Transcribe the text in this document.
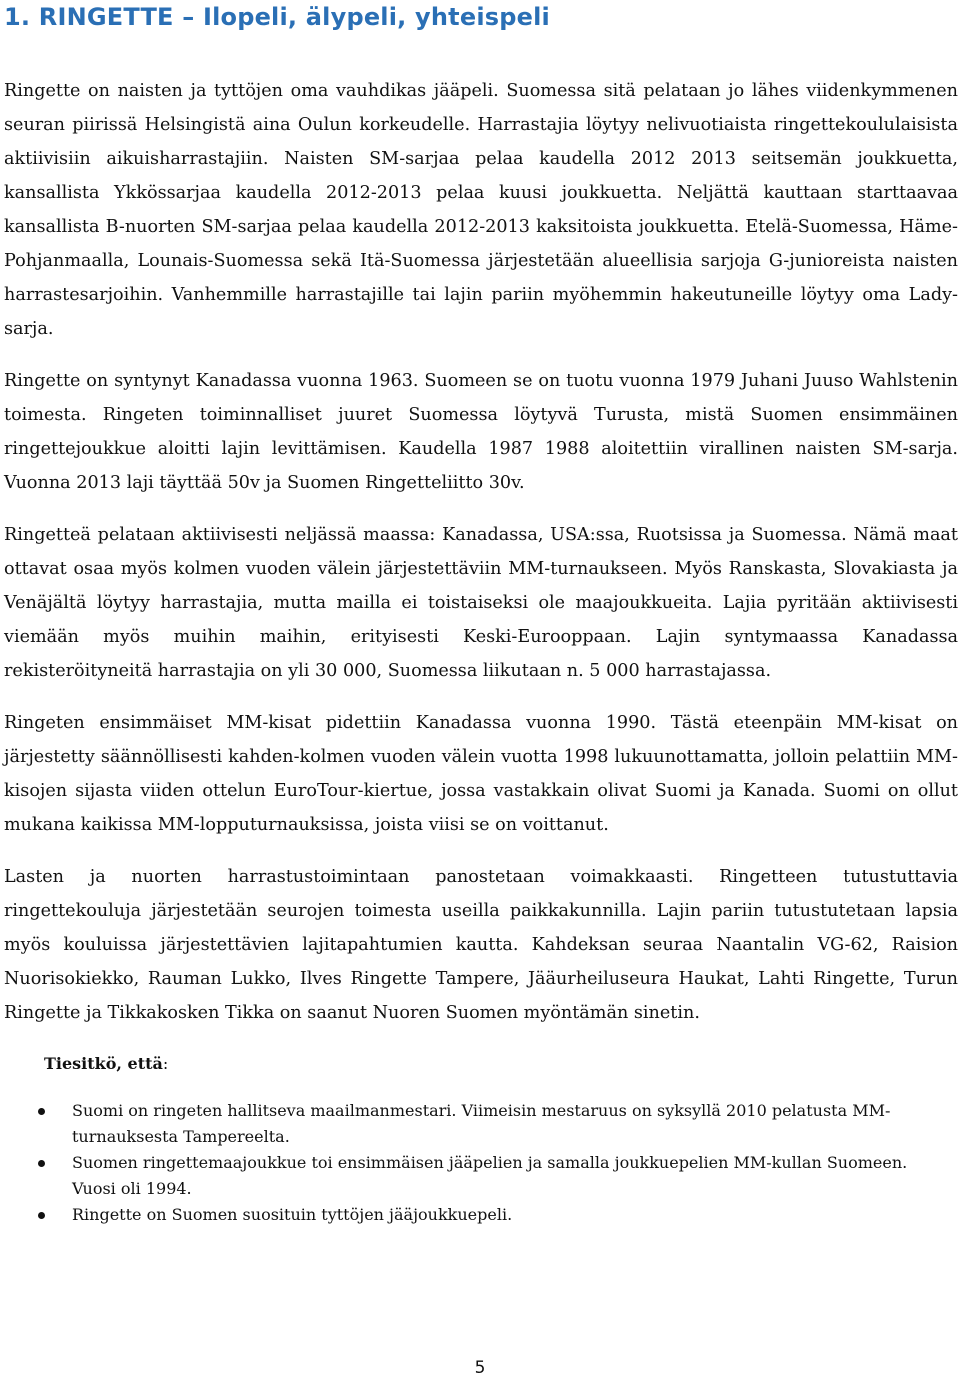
1. RINGETTE – Ilopeli, älypeli, yhteispeli

Ringette on naisten ja tyttöjen oma vauhdikas jääpeli. Suomessa sitä pelataan jo lähes viidenkymmenen seuran piirissä Helsingistä aina Oulun korkeudelle. Harrastajia löytyy nelivuotiaista ringettekoululaisista aktiivisiin aikuisharrastajiin. Naisten SM-sarjaa pelaa kaudella 2012 2013 seitsemän joukkuetta, kansallista Ykkössarjaa kaudella 2012-2013 pelaa kuusi joukkuetta. Neljättä kauttaan starttaavaa kansallista B-nuorten SM-sarjaa pelaa kaudella 2012-2013 kaksitoista joukkuetta. Etelä-Suomessa, Häme-Pohjanmaalla, Lounais-Suomessa sekä Itä-Suomessa järjestetään alueellisia sarjoja G-junioreista naisten harrastesarjoihin. Vanhemmille harrastajille tai lajin pariin myöhemmin hakeutuneille löytyy oma Lady-sarja.

Ringette on syntynyt Kanadassa vuonna 1963. Suomeen se on tuotu vuonna 1979 Juhani Juuso Wahlstenin toimesta. Ringeten toiminnalliset juuret Suomessa löytyvä Turusta, mistä Suomen ensimmäinen ringettejoukkue aloitti lajin levittämisen. Kaudella 1987 1988 aloitettiin virallinen naisten SM-sarja. Vuonna 2013 laji täyttää 50v ja Suomen Ringetteliitto 30v.

Ringetteä pelataan aktiivisesti neljässä maassa: Kanadassa, USA:ssa, Ruotsissa ja Suomessa. Nämä maat ottavat osaa myös kolmen vuoden välein järjestettäviin MM-turnaukseen. Myös Ranskasta, Slovakiasta ja Venäjältä löytyy harrastajia, mutta mailla ei toistaiseksi ole maajoukkueita. Lajia pyritään aktiivisesti viemään myös muihin maihin, erityisesti Keski-Eurooppaan. Lajin syntymaassa Kanadassa rekisteröityneitä harrastajia on yli 30 000, Suomessa liikutaan n. 5 000 harrastajassa.

Ringeten ensimmäiset MM-kisat pidettiin Kanadassa vuonna 1990. Tästä eteenpäin MM-kisat on järjestetty säännöllisesti kahden-kolmen vuoden välein vuotta 1998 lukuunottamatta, jolloin pelattiin MM-kisojen sijasta viiden ottelun EuroTour-kiertue, jossa vastakkain olivat Suomi ja Kanada. Suomi on ollut mukana kaikissa MM-lopputurnauksissa, joista viisi se on voittanut.

Lasten ja nuorten harrastustoimintaan panostetaan voimakkaasti. Ringetteen tutustuttavia ringettekouluja järjestetään seurojen toimesta useilla paikkakunnilla. Lajin pariin tutustutetaan lapsia myös kouluissa järjestettävien lajitapahtumien kautta. Kahdeksan seuraa Naantalin VG-62, Raision Nuorisokiekko, Rauman Lukko, Ilves Ringette Tampere, Jääurheiluseura Haukat, Lahti Ringette, Turun Ringette ja Tikkakosken Tikka on saanut Nuoren Suomen myöntämän sinetin.

Tiesitkö, että:
Suomi on ringeten hallitseva maailmanmestari. Viimeisin mestaruus on syksyllä 2010 pelatusta MM-turnauksesta Tampereelta.
Suomen ringettemaajoukkue toi ensimmäisen jääpelien ja samalla joukkuepelien MM-kullan Suomeen. Vuosi oli 1994.
Ringette on Suomen suosituin tyttöjen jääjoukkuepeli.
5
